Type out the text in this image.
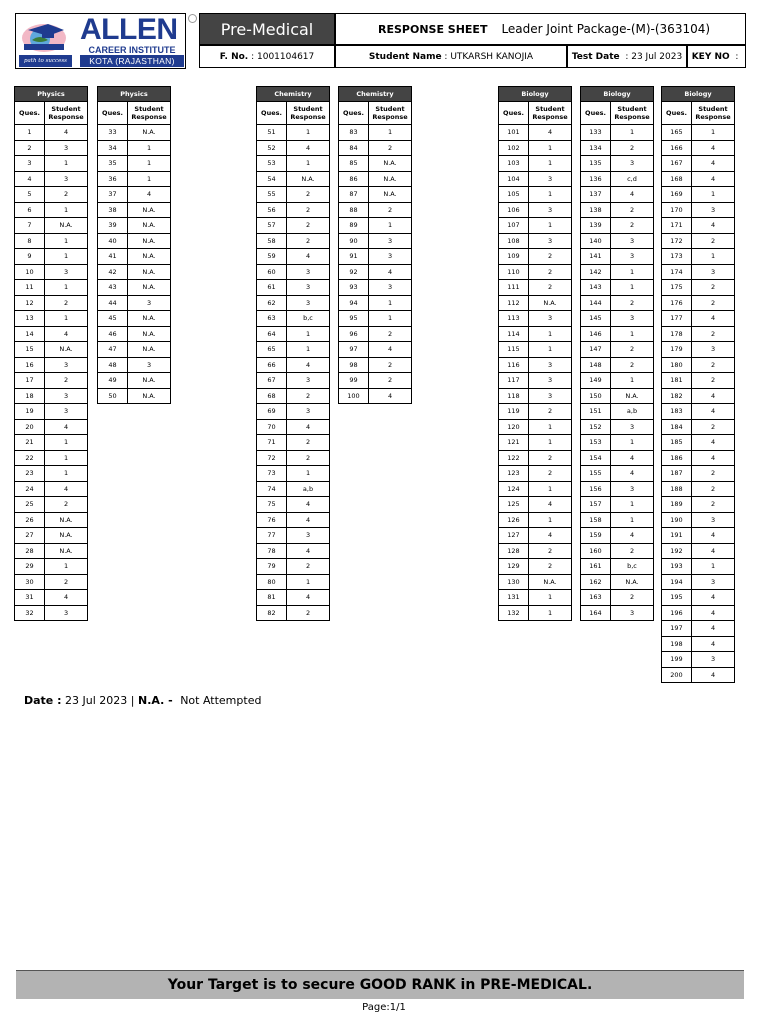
path to success
ALLEN
CAREER INSTITUTE
KOTA (RAJASTHAN)
Pre-Medical	RESPONSE SHEET Leader Joint Package-(M)-(363104)
F. No. : 1001104617	Student Name : UTKARSH KANOJIA	Test Date : 23 Jul 2023 KEY NO :
Physics	
Ques.	Student Response
1	4
2	3
3	1
4	3
5	2
6	1
7	N.A.
8	1
9	1
10	3
11	1
12	2
13	1
14	4
15	N.A.
16	3
17	2
18	3
19	3
20	4
21	1
22	1
23	1
24	4
25	2
26	N.A.
27	N.A.
28	N.A.
29	1
30	2
31	4
32	3
Physics	
Ques.	Student Response
33	N.A.
34	1
35	1
36	1
37	4
38	N.A.
39	N.A.
40	N.A.
41	N.A.
42	N.A.
43	N.A.
44	3
45	N.A.
46	N.A.
47	N.A.
48	3
49	N.A.
50	N.A.
Chemistry	
Ques.	Student Response
51	1
52	4
53	1
54	N.A.
55	2
56	2
57	2
58	2
59	4
60	3
61	3
62	3
63	b,c
64	1
65	1
66	4
67	3
68	2
69	3
70	4
71	2
72	2
73	1
74	a,b
75	4
76	4
77	3
78	4
79	2
80	1
81	4
82	2
Chemistry	
Ques.	Student Response
83	1
84	2
85	N.A.
86	N.A.
87	N.A.
88	2
89	1
90	3
91	3
92	4
93	3
94	1
95	1
96	2
97	4
98	2
99	2
100	4
Biology	
Ques.	Student Response
101	4
102	1
103	1
104	3
105	1
106	3
107	1
108	3
109	2
110	2
111	2
112	N.A.
113	3
114	1
115	1
116	3
117	3
118	3
119	2
120	1
121	1
122	2
123	2
124	1
125	4
126	1
127	4
128	2
129	2
130	N.A.
131	1
132	1
Biology	
Ques.	Student Response
133	1
134	2
135	3
136	c,d
137	4
138	2
139	2
140	3
141	3
142	1
143	1
144	2
145	3
146	1
147	2
148	2
149	1
150	N.A.
151	a,b
152	3
153	1
154	4
155	4
156	3
157	1
158	1
159	4
160	2
161	b,c
162	N.A.
163	2
164	3
Biology	
Ques.	Student Response
165	1
166	4
167	4
168	4
169	1
170	3
171	4
172	2
173	1
174	3
175	2
176	2
177	4
178	2
179	3
180	2
181	2
182	4
183	4
184	2
185	4
186	4
187	2
188	2
189	2
190	3
191	4
192	4
193	1
194	3
195	4
196	4
197	4
198	4
199	3
200	4
Date : 23 Jul 2023 | N.A. - Not Attempted
Your Target is to secure GOOD RANK in PRE-MEDICAL.
Page:1/1
